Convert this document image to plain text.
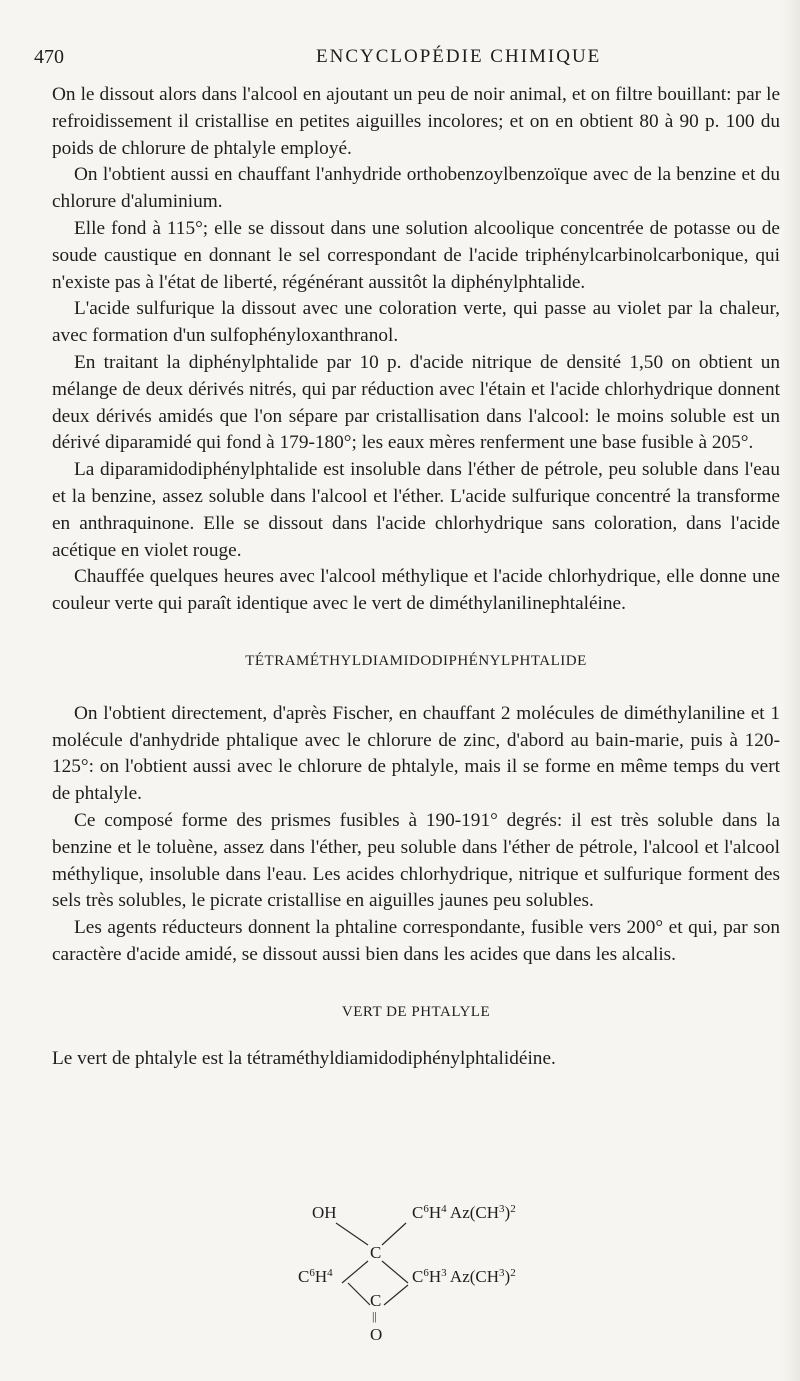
470	ENCYCLOPÉDIE CHIMIQUE

On le dissout alors dans l'alcool en ajoutant un peu de noir animal, et on filtre bouillant: par le refroidissement il cristallise en petites aiguilles incolores; et on en obtient 80 à 90 p. 100 du poids de chlorure de phtalyle employé.

On l'obtient aussi en chauffant l'anhydride orthobenzoylbenzoïque avec de la benzine et du chlorure d'aluminium.

Elle fond à 115°; elle se dissout dans une solution alcoolique concentrée de potasse ou de soude caustique en donnant le sel correspondant de l'acide triphénylcarbinolcarbonique, qui n'existe pas à l'état de liberté, régénérant aussitôt la diphénylphtalide.

L'acide sulfurique la dissout avec une coloration verte, qui passe au violet par la chaleur, avec formation d'un sulfophényloxanthranol.

En traitant la diphénylphtalide par 10 p. d'acide nitrique de densité 1,50 on obtient un mélange de deux dérivés nitrés, qui par réduction avec l'étain et l'acide chlorhydrique donnent deux dérivés amidés que l'on sépare par cristallisation dans l'alcool: le moins soluble est un dérivé diparamidé qui fond à 179-180°; les eaux mères renferment une base fusible à 205°.

La diparamidodiphénylphtalide est insoluble dans l'éther de pétrole, peu soluble dans l'eau et la benzine, assez soluble dans l'alcool et l'éther. L'acide sulfurique concentré la transforme en anthraquinone. Elle se dissout dans l'acide chlorhydrique sans coloration, dans l'acide acétique en violet rouge.

Chauffée quelques heures avec l'alcool méthylique et l'acide chlorhydrique, elle donne une couleur verte qui paraît identique avec le vert de diméthylanilinephtaléine.

TÉTRAMÉTHYLDIAMIDODIPHÉNYLPHTALIDE

On l'obtient directement, d'après Fischer, en chauffant 2 molécules de diméthylaniline et 1 molécule d'anhydride phtalique avec le chlorure de zinc, d'abord au bain-marie, puis à 120-125°: on l'obtient aussi avec le chlorure de phtalyle, mais il se forme en même temps du vert de phtalyle.

Ce composé forme des prismes fusibles à 190-191° degrés: il est très soluble dans la benzine et le toluène, assez dans l'éther, peu soluble dans l'éther de pétrole, l'alcool et l'alcool méthylique, insoluble dans l'eau. Les acides chlorhydrique, nitrique et sulfurique forment des sels très solubles, le picrate cristallise en aiguilles jaunes peu solubles.

Les agents réducteurs donnent la phtaline correspondante, fusible vers 200° et qui, par son caractère d'acide amidé, se dissout aussi bien dans les acides que dans les alcalis.

VERT DE PHTALYLE

Le vert de phtalyle est la tétraméthyldiamidodiphénylphtalidéine.

OH	$C^6H^4$ $Az(CH^3)^2$
C
$C^6H^4$	$C^6H^3$ $Az(CH^3)^2$
C
||
O
